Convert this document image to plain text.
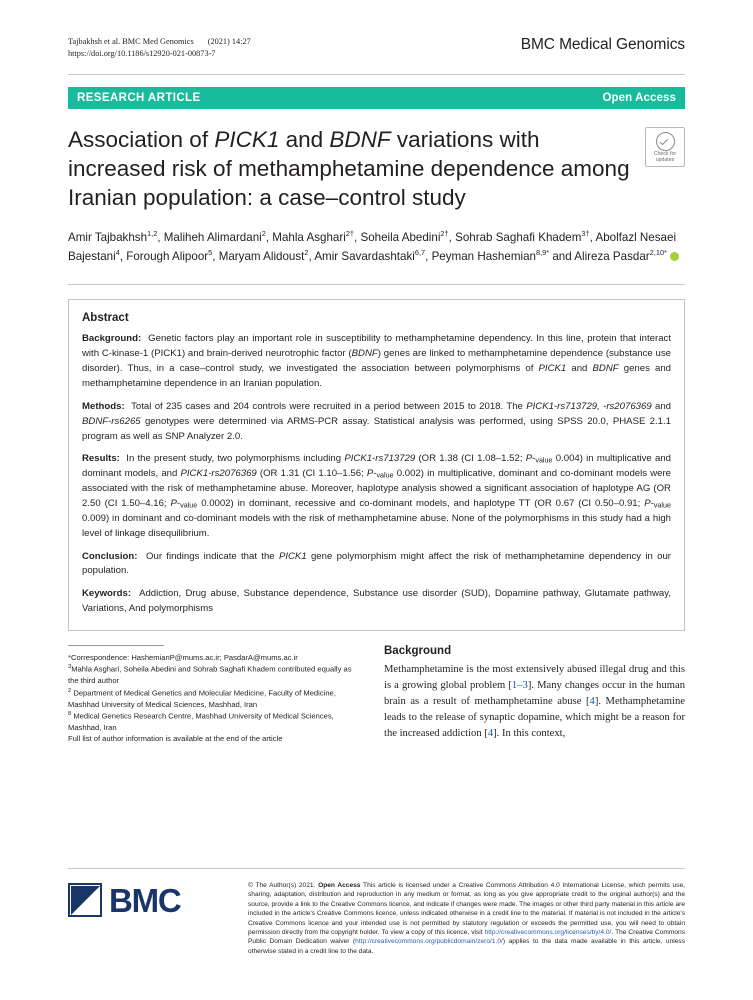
Tajbakhsh et al. BMC Med Genomics (2021) 14:27
https://doi.org/10.1186/s12920-021-00873-7
BMC Medical Genomics
RESEARCH ARTICLE	Open Access
Association of PICK1 and BDNF variations with increased risk of methamphetamine dependence among Iranian population: a case–control study
Check for
updates
Amir Tajbakhsh$^{1,2}$, Maliheh Alimardani$^2$, Mahla Asghari$^{2\dagger}$, Soheila Abedini$^{2\dagger}$, Sohrab Saghafi Khadem$^{3\dagger}$, Abolfazl Nesaei Bajestani$^4$, Forough Alipoor$^5$, Maryam Alidoust$^2$, Amir Savardashtaki$^{6,7}$, Peyman Hashemian$^{8,9*}$ and Alireza Pasdar$^{2,10*}$
Abstract

Background:  Genetic factors play an important role in susceptibility to methamphetamine dependency. In this line, protein that interact with C-kinase-1 (PICK1) and brain-derived neurotrophic factor (BDNF) genes are linked to methamphetamine dependence (substance use disorder). Thus, in a case–control study, we investigated the association between polymorphisms of PICK1 and BDNF genes and methamphetamine dependence in an Iranian population.

Methods:  Total of 235 cases and 204 controls were recruited in a period between 2015 to 2018. The PICK1-rs713729, -rs2076369 and BDNF-rs6265 genotypes were determined via ARMS-PCR assay. Statistical analysis was performed, using SPSS 20.0, PHASE 2.1.1 program as well as SNP Analyzer 2.0.

Results:  In the present study, two polymorphisms including PICK1-rs713729 (OR 1.38 (CI 1.08–1.52; $P-_{value}$ 0.004) in multiplicative and dominant models, and PICK1-rs2076369 (OR 1.31 (CI 1.10–1.56; $P-_{value}$ 0.002) in multiplicative, dominant and co-dominant models were associated with the risk of methamphetamine abuse. Moreover, haplotype analysis showed a significant association of haplotype AG (OR 2.50 (CI 1.50–4.16; $P-_{value}$ 0.0002) in dominant, recessive and co-dominant models, and haplotype TT (OR 0.67 (CI 0.50–0.91; $P-_{value}$ 0.009) in dominant and co-dominant models with the risk of methamphetamine abuse. None of the polymorphisms in this study had a high level of linkage disequilibrium.

Conclusion:  Our findings indicate that the PICK1 gene polymorphism might affect the risk of methamphetamine dependency in our population.

Keywords: Addiction, Drug abuse, Substance dependence, Substance use disorder (SUD), Dopamine pathway, Glutamate pathway, Variations, And polymorphisms

*Correspondence: HashemianP@mums.ac.ir; PasdarA@mums.ac.ir

$^3$Mahla Asghari, Soheila Abedini and Sohrab Saghafi Khadem contributed equally as the third author

$^2$ Department of Medical Genetics and Molecular Medicine, Faculty of Medicine, Mashhad University of Medical Sciences, Mashhad, Iran

$^8$ Medical Genetics Research Centre, Mashhad University of Medical Sciences, Mashhad, Iran

Full list of author information is available at the end of the article

Background

Methamphetamine is the most extensively abused illegal drug and this is a growing global problem [1–3]. Many changes occur in the human brain as a result of methamphetamine abuse [4]. Methamphetamine leads to the release of synaptic dopamine, which might be a reason for the increased addiction [4]. In this context,

BMC	© The Author(s) 2021. Open Access This article is licensed under a Creative Commons Attribution 4.0 International License, which permits use, sharing, adaptation, distribution and reproduction in any medium or format, as long as you give appropriate credit to the original author(s) and the source, provide a link to the Creative Commons licence, and indicate if changes were made. The images or other third party material in this article are included in the article's Creative Commons licence, unless indicated otherwise in a credit line to the material. If material is not included in the article's Creative Commons licence and your intended use is not permitted by statutory regulation or exceeds the permitted use, you will need to obtain permission directly from the copyright holder. To view a copy of this licence, visit http://creativecommons.org/licenses/by/4.0/. The Creative Commons Public Domain Dedication waiver (http://creativecommons.org/publicdomain/zero/1.0/) applies to the data made available in this article, unless otherwise stated in a credit line to the data.
